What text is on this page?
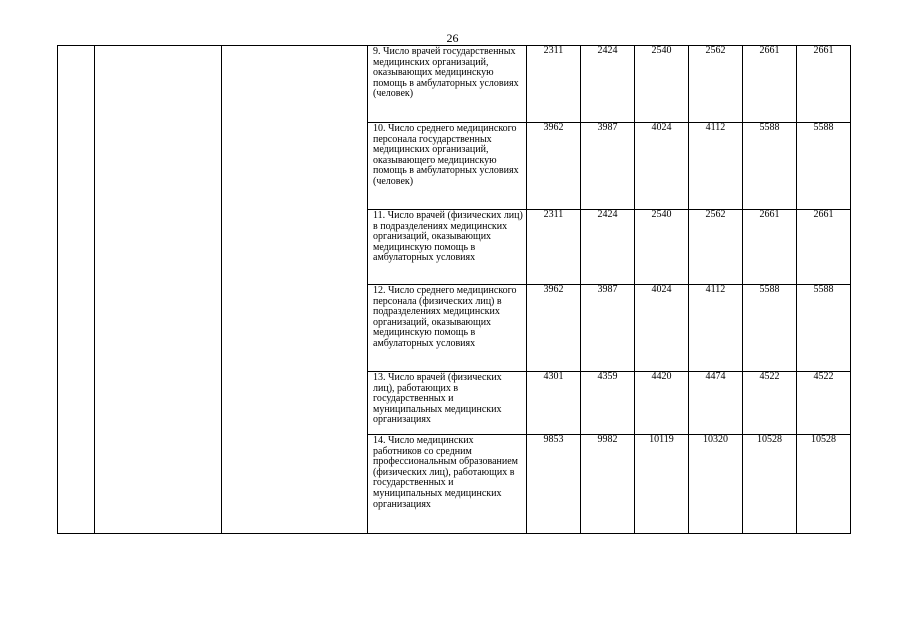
26
			9. Число врачей государственных медицинских организаций, оказывающих медицинскую помощь в амбулаторных условиях (человек)	2311	2424	2540	2562	2661	2661
			10. Число среднего медицинского персонала государственных медицинских организаций, оказывающего медицинскую помощь в амбулаторных условиях (человек)	3962	3987	4024	4112	5588	5588
			11. Число врачей (физических лиц) в подразделениях медицинских организаций, оказывающих медицинскую помощь в амбулаторных условиях	2311	2424	2540	2562	2661	2661
			12. Число среднего медицинского персонала (физических лиц) в подразделениях медицинских организаций, оказывающих медицинскую помощь в амбулаторных условиях	3962	3987	4024	4112	5588	5588
			13. Число врачей (физических лиц), работающих в государственных и муниципальных медицинских организациях	4301	4359	4420	4474	4522	4522
			14. Число медицинских работников со средним профессиональным образованием (физических лиц), работающих в государственных и муниципальных медицинских организациях	9853	9982	10119	10320	10528	10528
